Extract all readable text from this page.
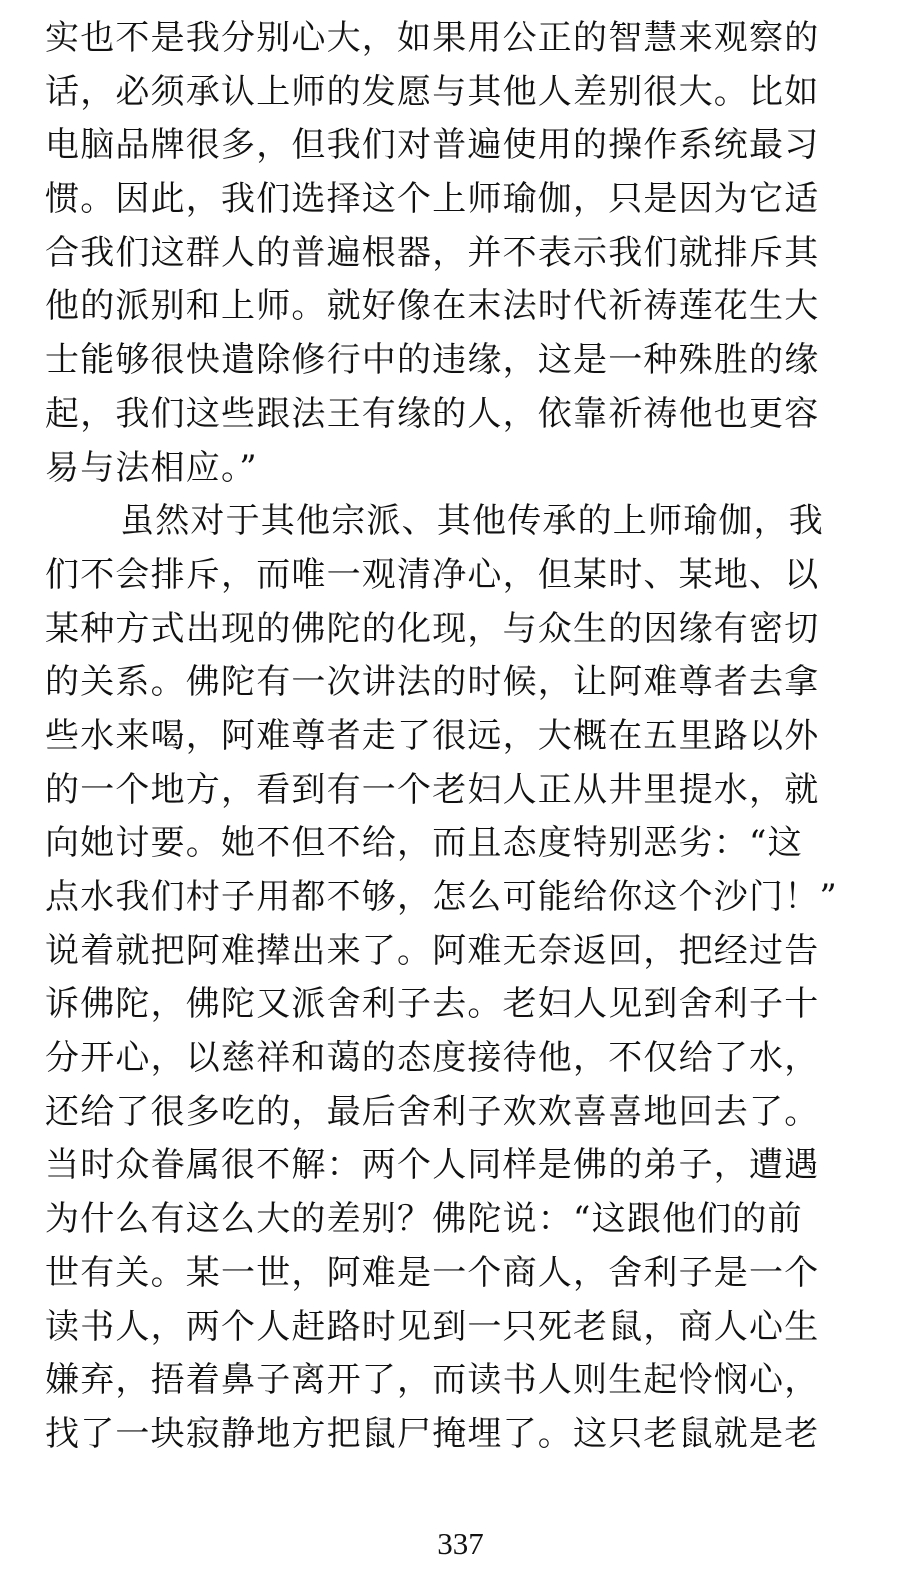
实也不是我分别心大，如果用公正的智慧来观察的
话，必须承认上师的发愿与其他人差别很大。比如
电脑品牌很多，但我们对普遍使用的操作系统最习
惯。因此，我们选择这个上师瑜伽，只是因为它适
合我们这群人的普遍根器，并不表示我们就排斥其
他的派别和上师。就好像在末法时代祈祷莲花生大
士能够很快遣除修行中的违缘，这是一种殊胜的缘
起，我们这些跟法王有缘的人，依靠祈祷他也更容
易与法相应。”
虽然对于其他宗派、其他传承的上师瑜伽，我
们不会排斥，而唯一观清净心，但某时、某地、以
某种方式出现的佛陀的化现，与众生的因缘有密切
的关系。佛陀有一次讲法的时候，让阿难尊者去拿
些水来喝，阿难尊者走了很远，大概在五里路以外
的一个地方，看到有一个老妇人正从井里提水，就
向她讨要。她不但不给，而且态度特别恶劣：“这
点水我们村子用都不够，怎么可能给你这个沙门！”
说着就把阿难撵出来了。阿难无奈返回，把经过告
诉佛陀，佛陀又派舍利子去。老妇人见到舍利子十
分开心，以慈祥和蔼的态度接待他，不仅给了水，
还给了很多吃的，最后舍利子欢欢喜喜地回去了。
当时众眷属很不解：两个人同样是佛的弟子，遭遇
为什么有这么大的差别？佛陀说：“这跟他们的前
世有关。某一世，阿难是一个商人，舍利子是一个
读书人，两个人赶路时见到一只死老鼠，商人心生
嫌弃，捂着鼻子离开了，而读书人则生起怜悯心，
找了一块寂静地方把鼠尸掩埋了。这只老鼠就是老
337
